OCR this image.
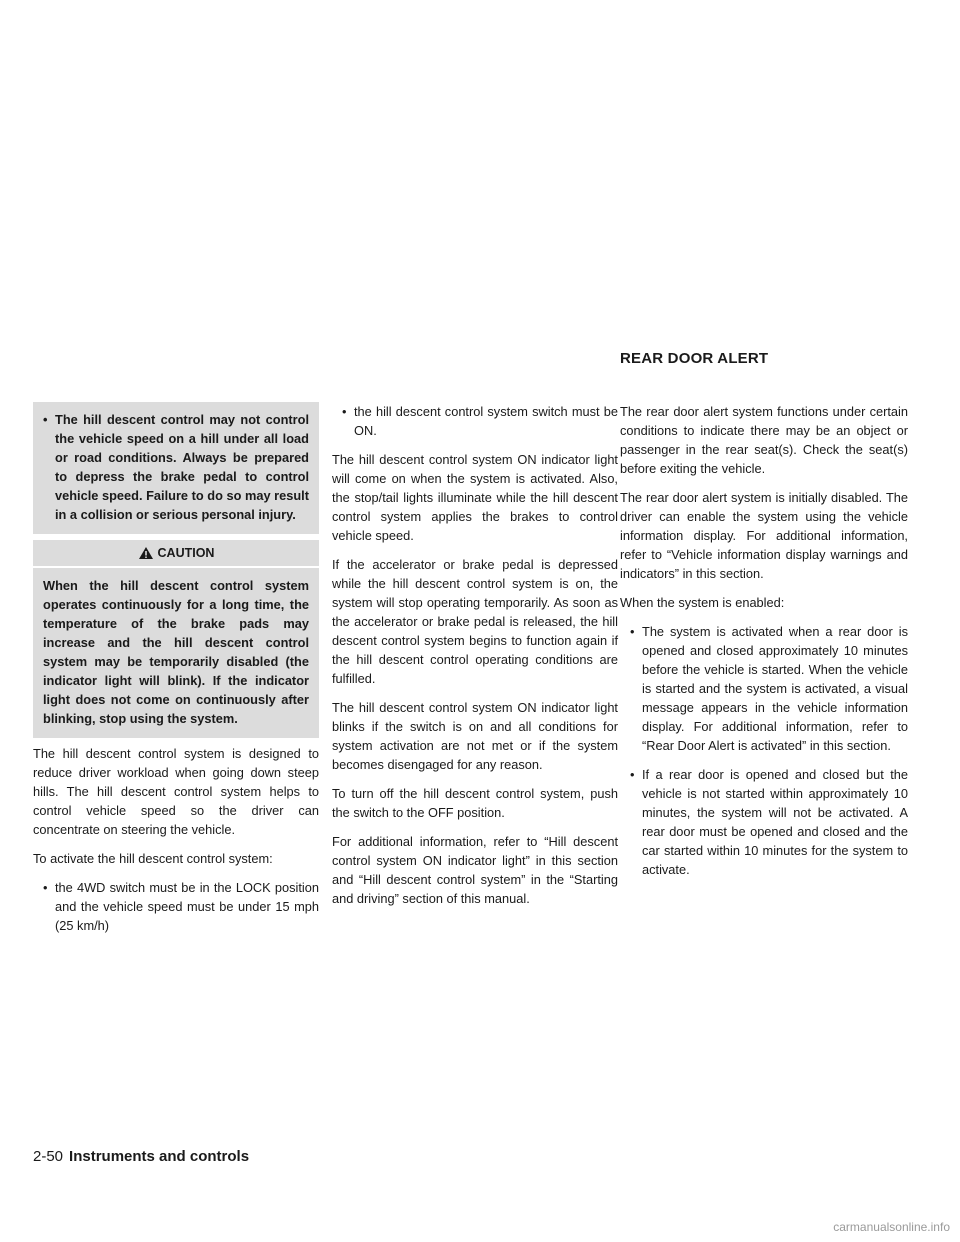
REAR DOOR ALERT
• The hill descent control may not control the vehicle speed on a hill under all load or road conditions. Always be prepared to depress the brake pedal to control vehicle speed. Failure to do so may result in a collision or serious personal injury.
CAUTION
When the hill descent control system operates continuously for a long time, the temperature of the brake pads may increase and the hill descent control system may be temporarily disabled (the indicator light will blink). If the indicator light does not come on continuously after blinking, stop using the system.

The hill descent control system is designed to reduce driver workload when going down steep hills. The hill descent control system helps to control vehicle speed so the driver can concentrate on steering the vehicle.

To activate the hill descent control system:

• the 4WD switch must be in the LOCK position and the vehicle speed must be under 15 mph (25 km/h)
• the hill descent control system switch must be ON.

The hill descent control system ON indicator light will come on when the system is activated. Also, the stop/tail lights illuminate while the hill descent control system applies the brakes to control vehicle speed.

If the accelerator or brake pedal is depressed while the hill descent control system is on, the system will stop operating temporarily. As soon as the accelerator or brake pedal is released, the hill descent control system begins to function again if the hill descent control operating conditions are fulfilled.

The hill descent control system ON indicator light blinks if the switch is on and all conditions for system activation are not met or if the system becomes disengaged for any reason.

To turn off the hill descent control system, push the switch to the OFF position.

For additional information, refer to “Hill descent control system ON indicator light” in this section and “Hill descent control system” in the “Starting and driving” section of this manual.

The rear door alert system functions under certain conditions to indicate there may be an object or passenger in the rear seat(s). Check the seat(s) before exiting the vehicle.

The rear door alert system is initially disabled. The driver can enable the system using the vehicle information display. For additional information, refer to “Vehicle information display warnings and indicators” in this section.

When the system is enabled:

• The system is activated when a rear door is opened and closed approximately 10 minutes before the vehicle is started. When the vehicle is started and the system is activated, a visual message appears in the vehicle information display. For additional information, refer to “Rear Door Alert is activated” in this section.
• If a rear door is opened and closed but the vehicle is not started within approximately 10 minutes, the system will not be activated. A rear door must be opened and closed and the car started within 10 minutes for the system to activate.
2-50 Instruments and controls
carmanualsonline.info
